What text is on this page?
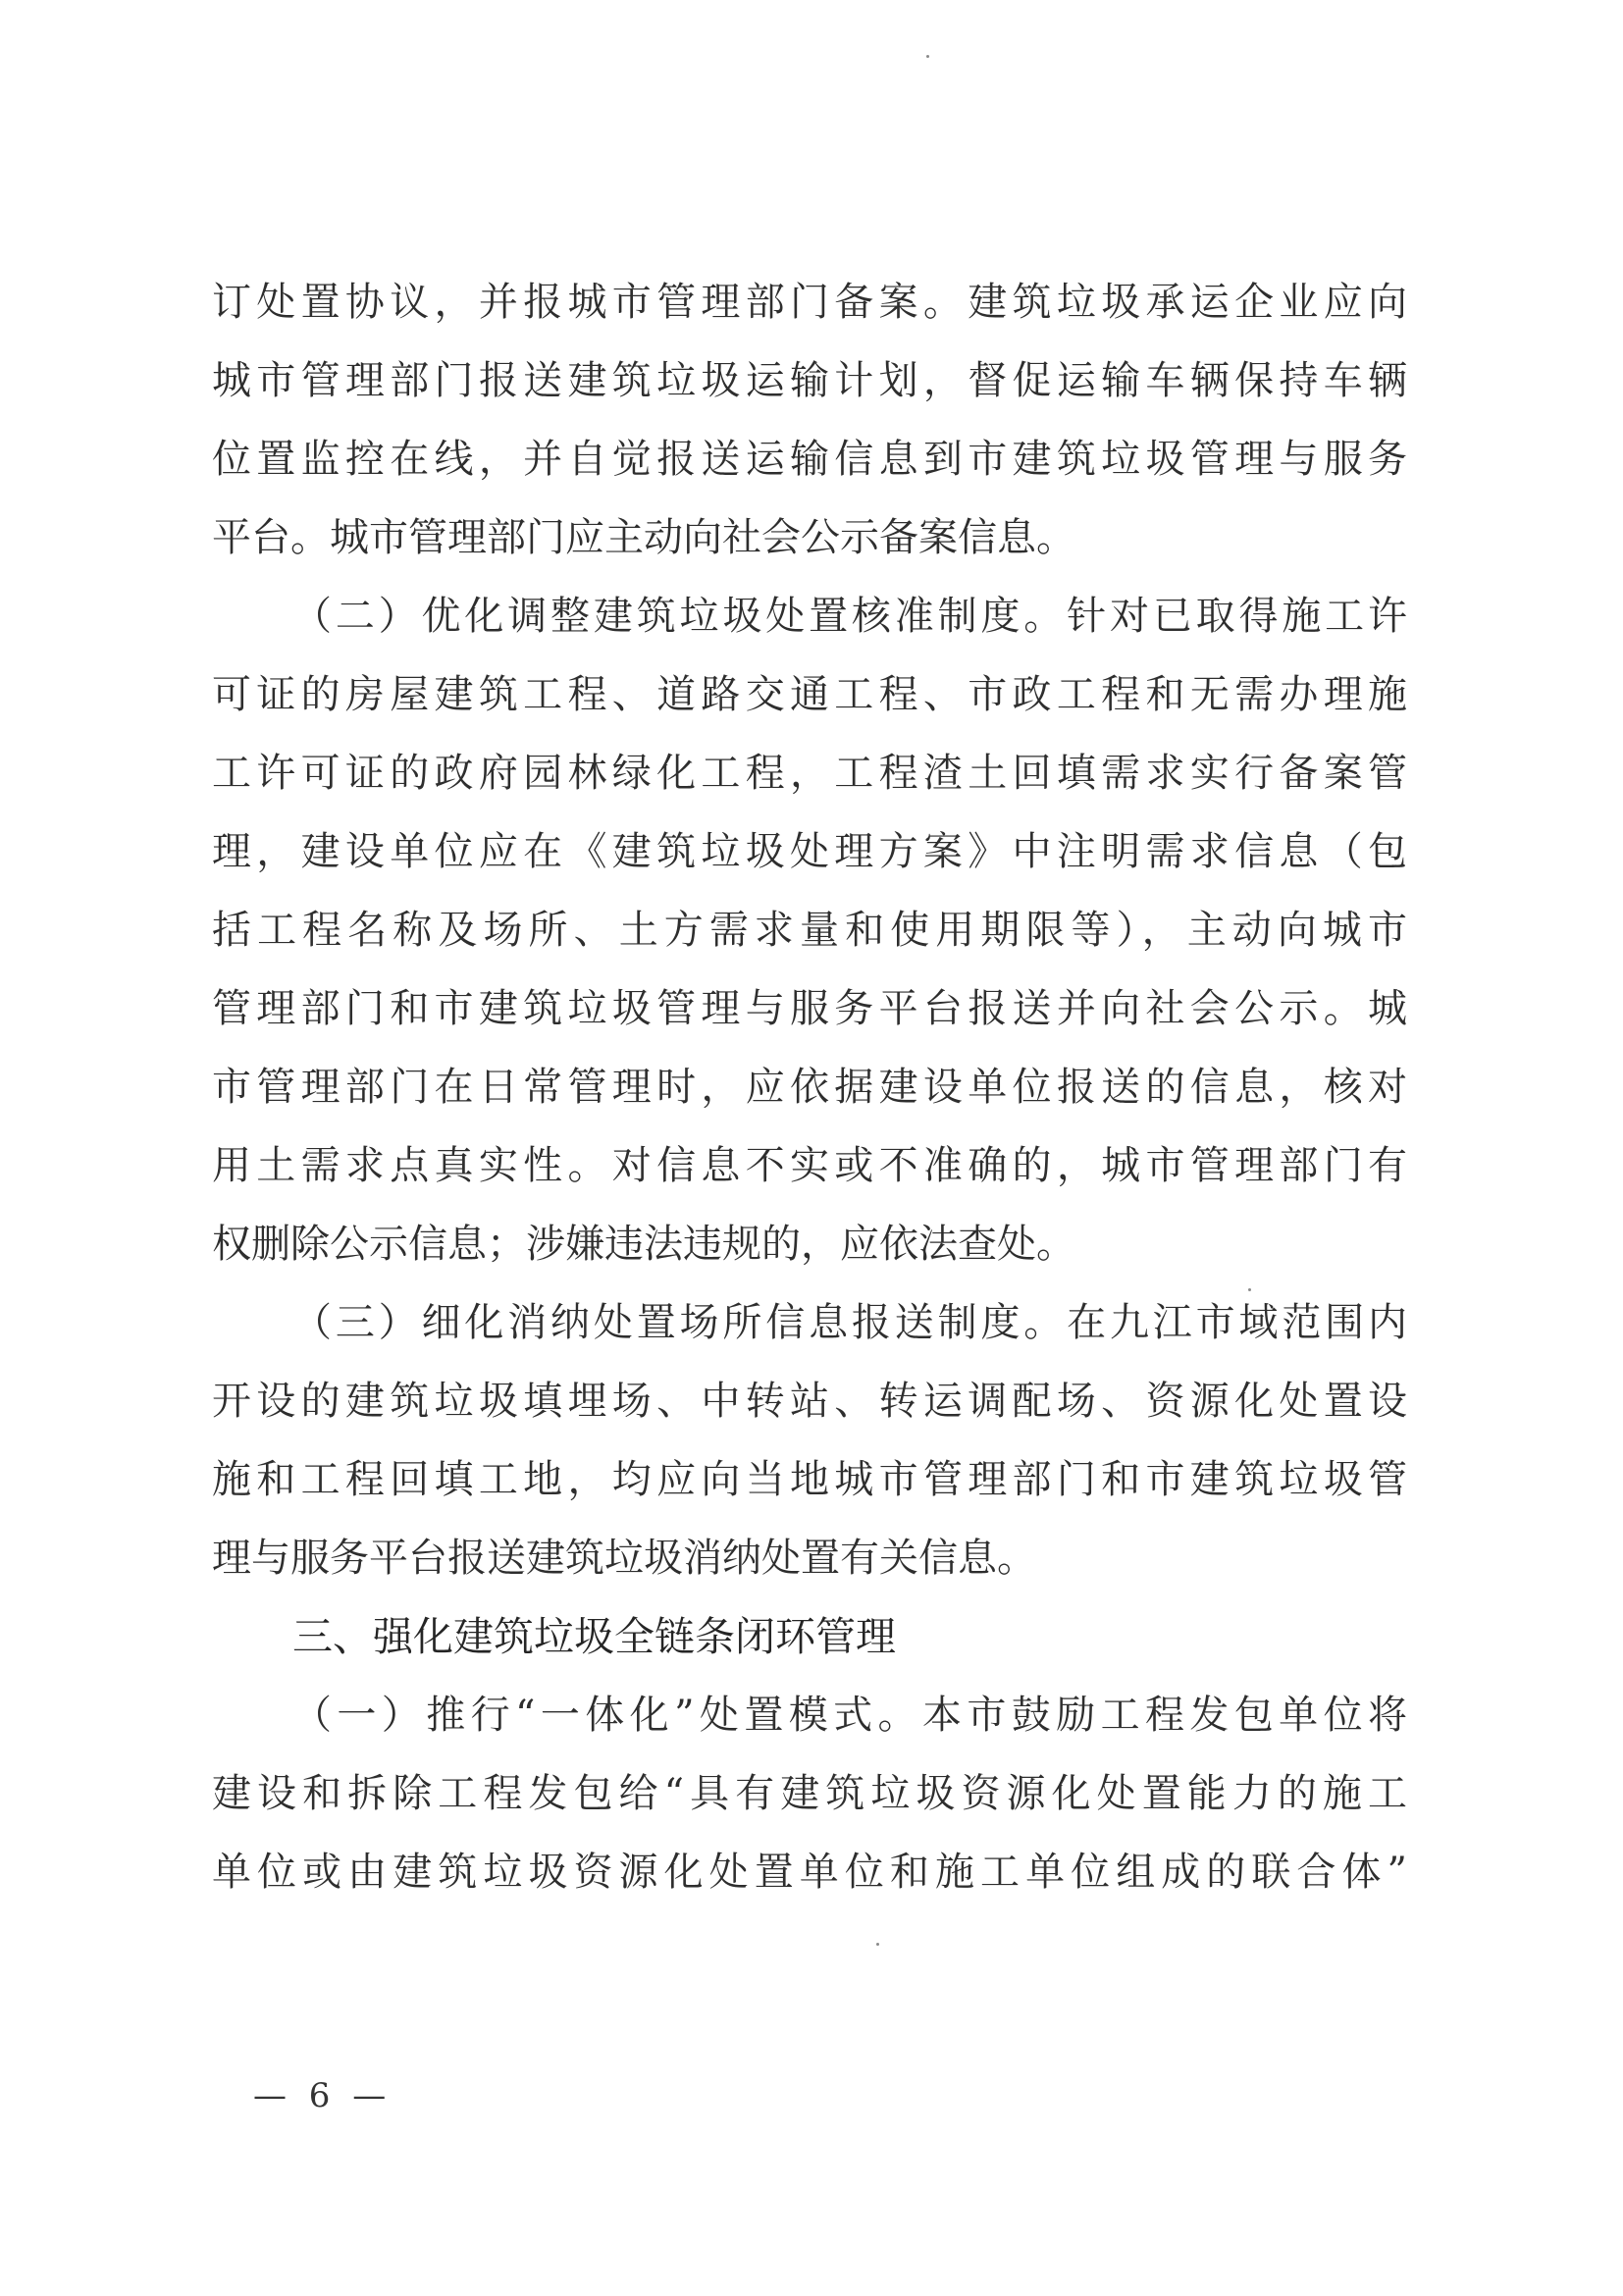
订处置协议，并报城市管理部门备案。建筑垃圾承运企业应向
城市管理部门报送建筑垃圾运输计划，督促运输车辆保持车辆
位置监控在线，并自觉报送运输信息到市建筑垃圾管理与服务
平台。城市管理部门应主动向社会公示备案信息。
（二）优化调整建筑垃圾处置核准制度。针对已取得施工许
可证的房屋建筑工程、道路交通工程、市政工程和无需办理施
工许可证的政府园林绿化工程，工程渣土回填需求实行备案管
理，建设单位应在《建筑垃圾处理方案》中注明需求信息（包
括工程名称及场所、土方需求量和使用期限等），主动向城市
管理部门和市建筑垃圾管理与服务平台报送并向社会公示。城
市管理部门在日常管理时，应依据建设单位报送的信息，核对
用土需求点真实性。对信息不实或不准确的，城市管理部门有
权删除公示信息；涉嫌违法违规的，应依法查处。
（三）细化消纳处置场所信息报送制度。在九江市域范围内
开设的建筑垃圾填埋场、中转站、转运调配场、资源化处置设
施和工程回填工地，均应向当地城市管理部门和市建筑垃圾管
理与服务平台报送建筑垃圾消纳处置有关信息。
三、强化建筑垃圾全链条闭环管理
（一）推行“一体化”处置模式。本市鼓励工程发包单位将
建设和拆除工程发包给“具有建筑垃圾资源化处置能力的施工
单位或由建筑垃圾资源化处置单位和施工单位组成的联合体”
— 6 —
